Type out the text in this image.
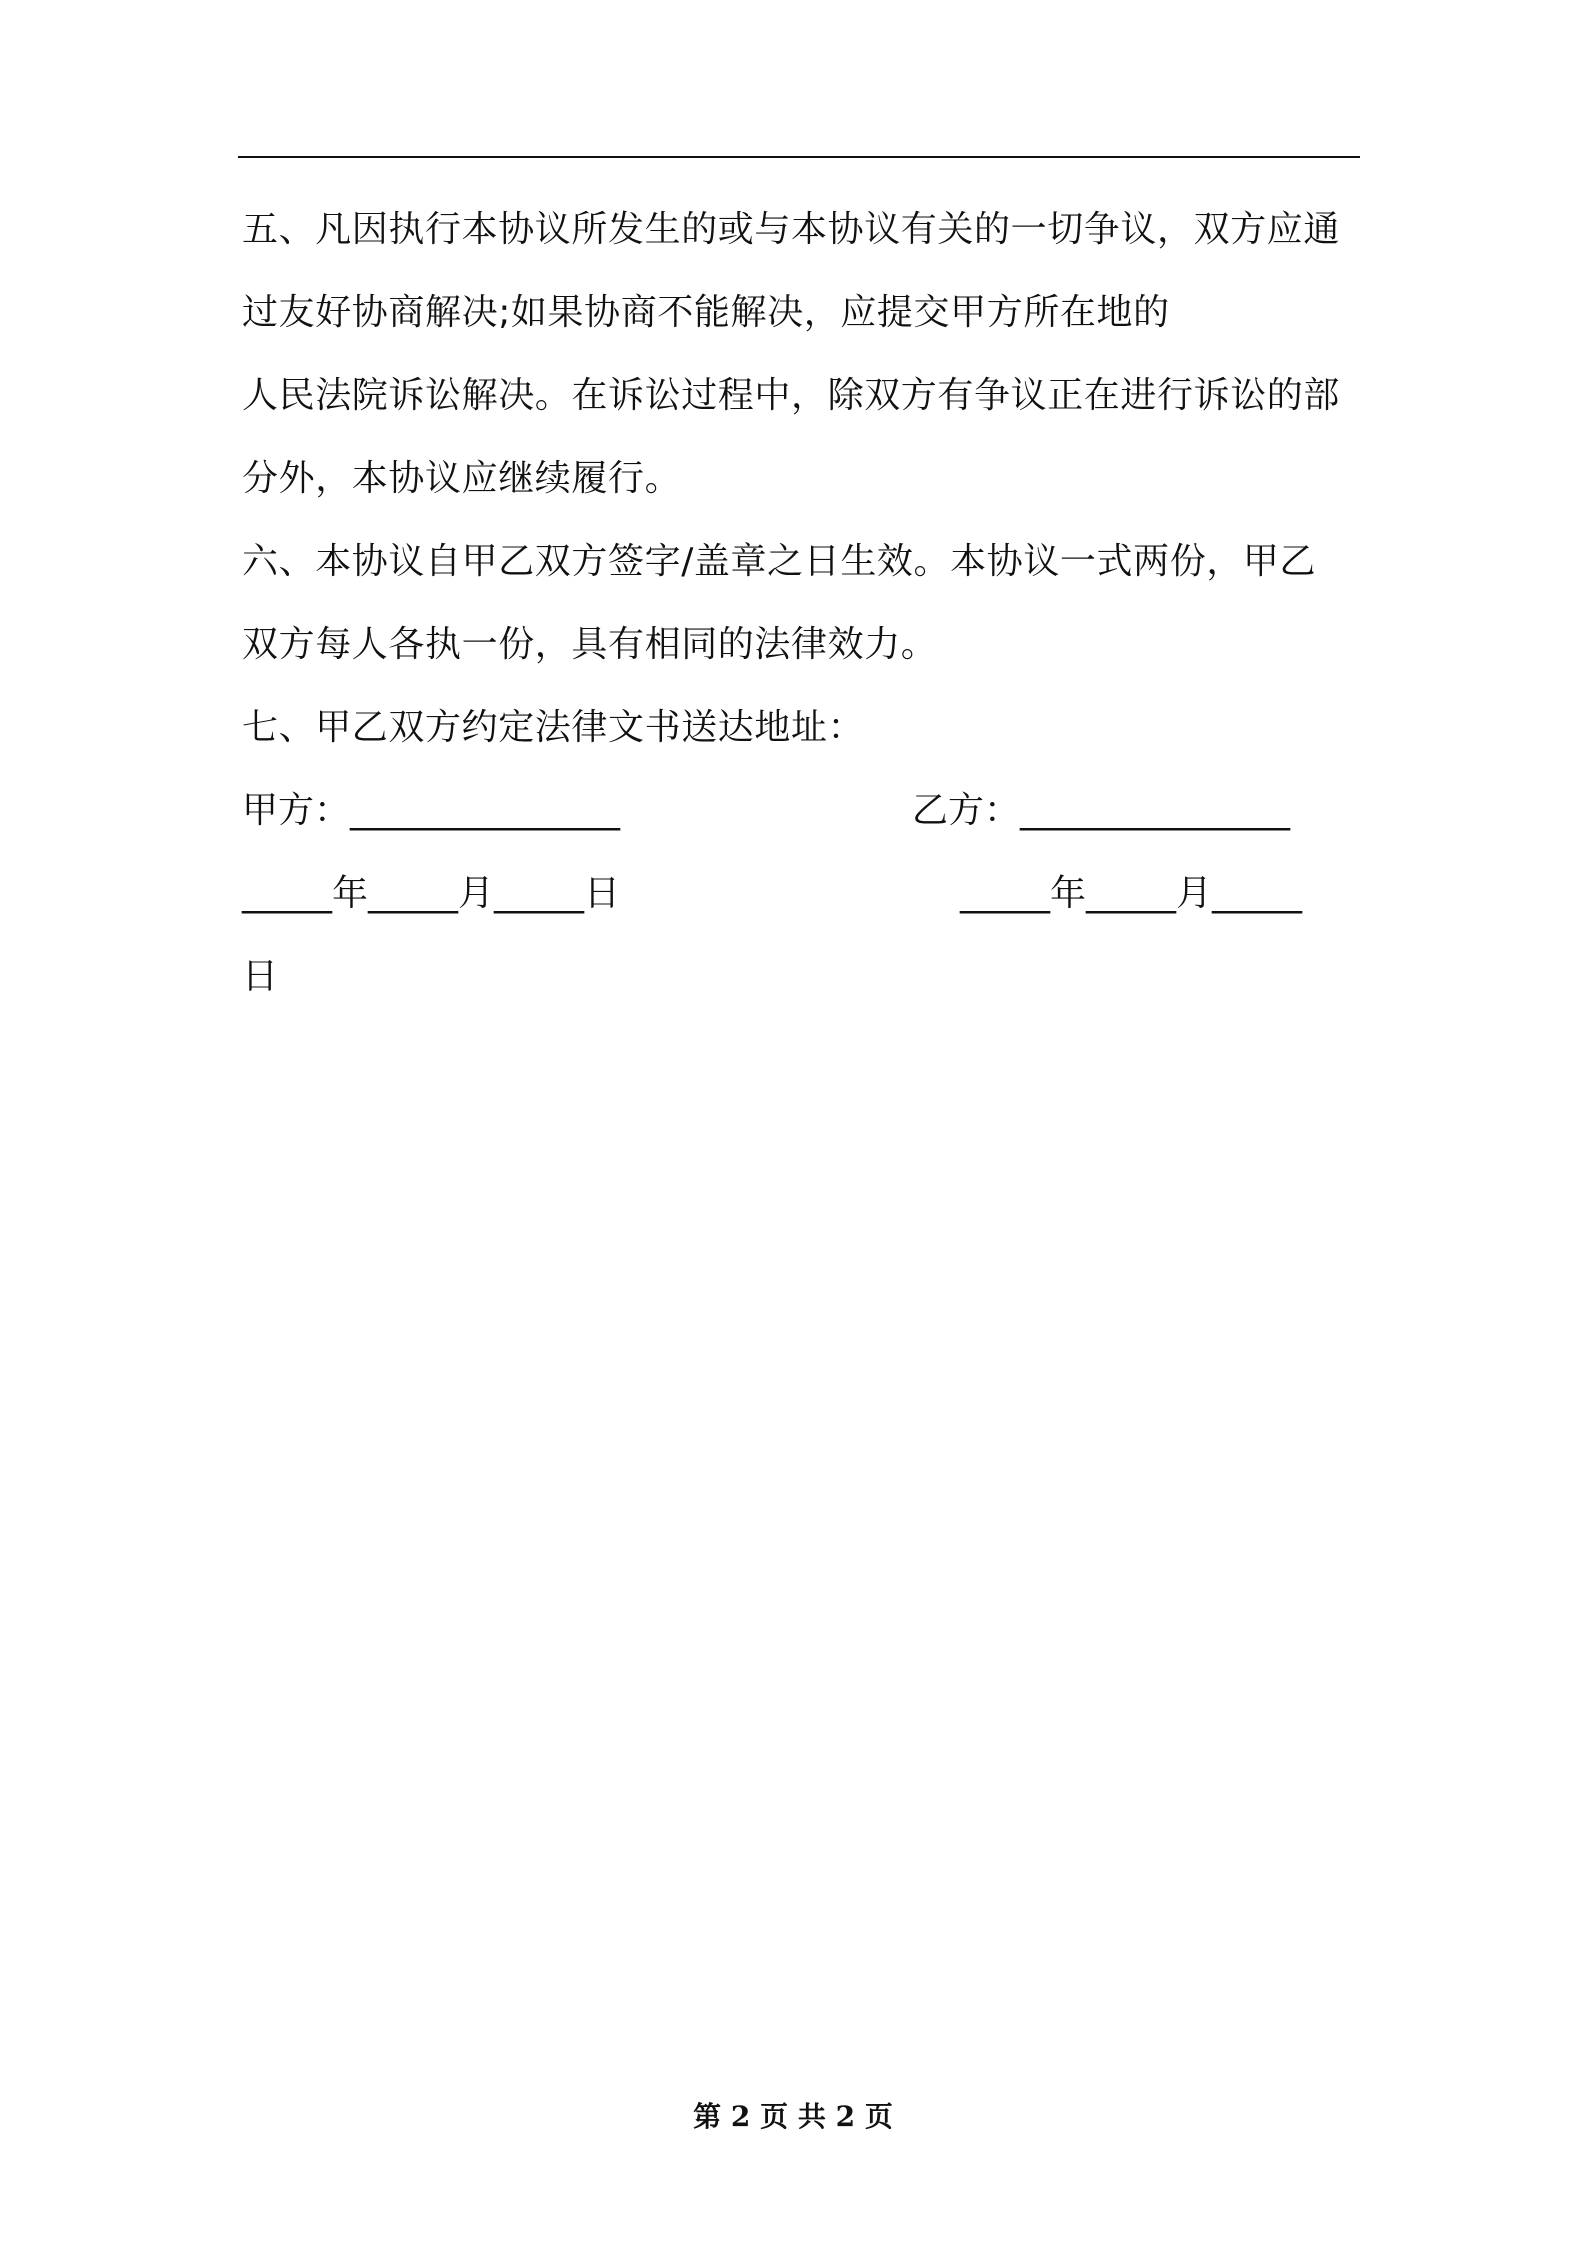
五、凡因执行本协议所发生的或与本协议有关的一切争议，双方应通
过友好协商解决;如果协商不能解决，应提交甲方所在地的
人民法院诉讼解决。在诉讼过程中，除双方有争议正在进行诉讼的部
分外，本协议应继续履行。
六、本协议自甲乙双方签字/盖章之日生效。本协议一式两份，甲乙
双方每人各执一份，具有相同的法律效力。
七、甲乙双方约定法律文书送达地址：
甲方：_______________	乙方：_______________
_____年_____月_____日	_____年_____月_____
日
第 2 页 共 2 页
